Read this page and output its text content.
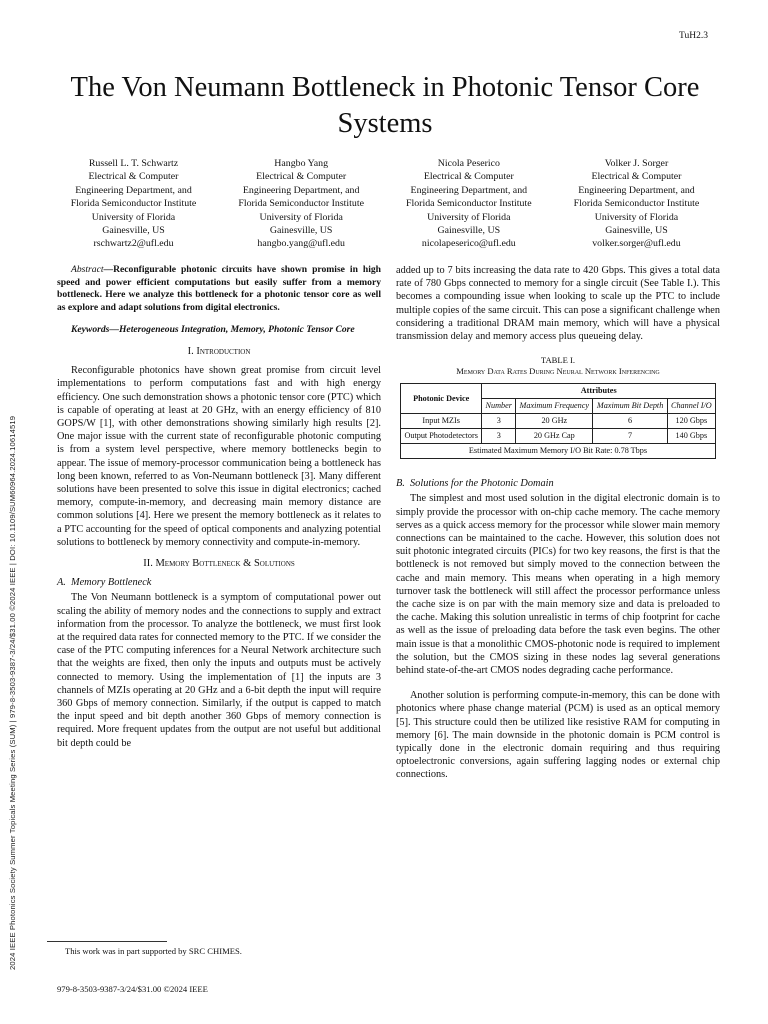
TuH2.3
2024 IEEE Photonics Society Summer Topicals Meeting Series (SUM) | 979-8-3503-9387-3/24/$31.00 ©2024 IEEE | DOI: 10.1109/SUM60964.2024.10614519
The Von Neumann Bottleneck in Photonic Tensor Core Systems
Russell L. T. Schwartz
Electrical & Computer
Engineering Department, and
Florida Semiconductor Institute
University of Florida
Gainesville, US
rschwartz2@ufl.edu
Hangbo Yang
Electrical & Computer
Engineering Department, and
Florida Semiconductor Institute
University of Florida
Gainesville, US
hangbo.yang@ufl.edu
Nicola Peserico
Electrical & Computer
Engineering Department, and
Florida Semiconductor Institute
University of Florida
Gainesville, US
nicolapeserico@ufl.edu
Volker J. Sorger
Electrical & Computer
Engineering Department, and
Florida Semiconductor Institute
University of Florida
Gainesville, US
volker.sorger@ufl.edu

Abstract—Reconfigurable photonic circuits have shown promise in high speed and power efficient computations but easily suffer from a memory bottleneck. Here we analyze this bottleneck for a photonic tensor core as well as explore and adapt solutions from digital electronics.

Keywords—Heterogeneous Integration, Memory, Photonic Tensor Core

I. Introduction

Reconfigurable photonics have shown great promise from circuit level implementations to perform computations fast and with high energy efficiency. One such demonstration shows a photonic tensor core (PTC) which is capable of operating at least at 20 GHz, with an energy efficiency of 810 GOPS/W [1], with other demonstrations showing similarly high results [2]. One major issue with the current state of reconfigurable photonic computing is from a system level perspective, where memory bottlenecks begin to appear. The issue of memory-processor communication being a bottleneck has long been known, referred to as Von-Neumann bottleneck [3]. Many different solutions have been presented to solve this issue in digital electronics; cached memory, compute-in-memory, and decreasing main memory distance are common solutions [4]. Here we present the memory bottleneck as it relates to a PTC accounting for the speed of optical components and analyzing potential solutions to bottleneck by memory connectivity and compute-in-memory.

II. Memory Bottleneck & Solutions
A. Memory Bottleneck

The Von Neumann bottleneck is a symptom of computational power out scaling the ability of memory nodes and the connections to supply and extract information from the processor. To analyze the bottleneck, we must first look at the required data rates for connected memory to the PTC. If we consider the case of the PTC computing inferences for a Neural Network architecture such that the weights are fixed, then only the inputs and outputs must be actively connected to memory. Using the implementation of [1] the inputs are 3 channels of MZIs operating at 20 GHz and a 6-bit depth the input will require 360 Gbps of memory connection. Similarly, if the output is capped to match the input speed and bit depth another 360 Gbps of memory connection is required. More frequent updates from the output are not useful but additional bit depth could be

added up to 7 bits increasing the data rate to 420 Gbps. This gives a total data rate of 780 Gbps connected to memory for a single circuit (See Table I.). This becomes a compounding issue when looking to scale up the PTC to include multiple copies of the same circuit. This can pose a significant challenge when considering a traditional DRAM main memory, which will have a physical transmission delay and memory access plus queueing delay.

TABLE I.
Memory Data Rates During Neural Network Inferencing
Photonic Device	Attributes			
	Number	Maximum Frequency	Maximum Bit Depth	Channel I/O
Input MZIs	3	20 GHz	6	120 Gbps
Output Photodetectors	3	20 GHz Cap	7	140 Gbps
Estimated Maximum Memory I/O Bit Rate: 0.78 Tbps				
B. Solutions for the Photonic Domain

The simplest and most used solution in the digital electronic domain is to simply provide the processor with on-chip cache memory. The cache memory serves as a quick access memory for the processor while slower main memory connections can be maintained to the cache. However, this solution does not suit photonic integrated circuits (PICs) for two key reasons, the first is that the bottleneck is not removed but simply moved to the connection between the cache and main memory. This means when operating in a high memory turnover task the bottleneck will still affect the processor performance unless the cache size is on par with the main memory size and data is preloaded to the cache. Making this solution unrealistic in terms of chip footprint for cache as well as the issue of preloading data before the task even begins. The other main issue is that a monolithic CMOS-photonic node is required to implement the solution, but the CMOS sizing in these nodes lag several generations behind state-of-the-art CMOS nodes degrading cache performance.

Another solution is performing compute-in-memory, this can be done with photonics where phase change material (PCM) is used as an optical memory [5]. This structure could then be utilized like resistive RAM for computing in memory [6]. The main downside in the photonic domain is PCM control is typically done in the electronic domain requiring and thus requiring optoelectronic conversions, again suffering lagging nodes or external chip connections.

This work was in part supported by SRC CHIMES.
979-8-3503-9387-3/24/$31.00 ©2024 IEEE
